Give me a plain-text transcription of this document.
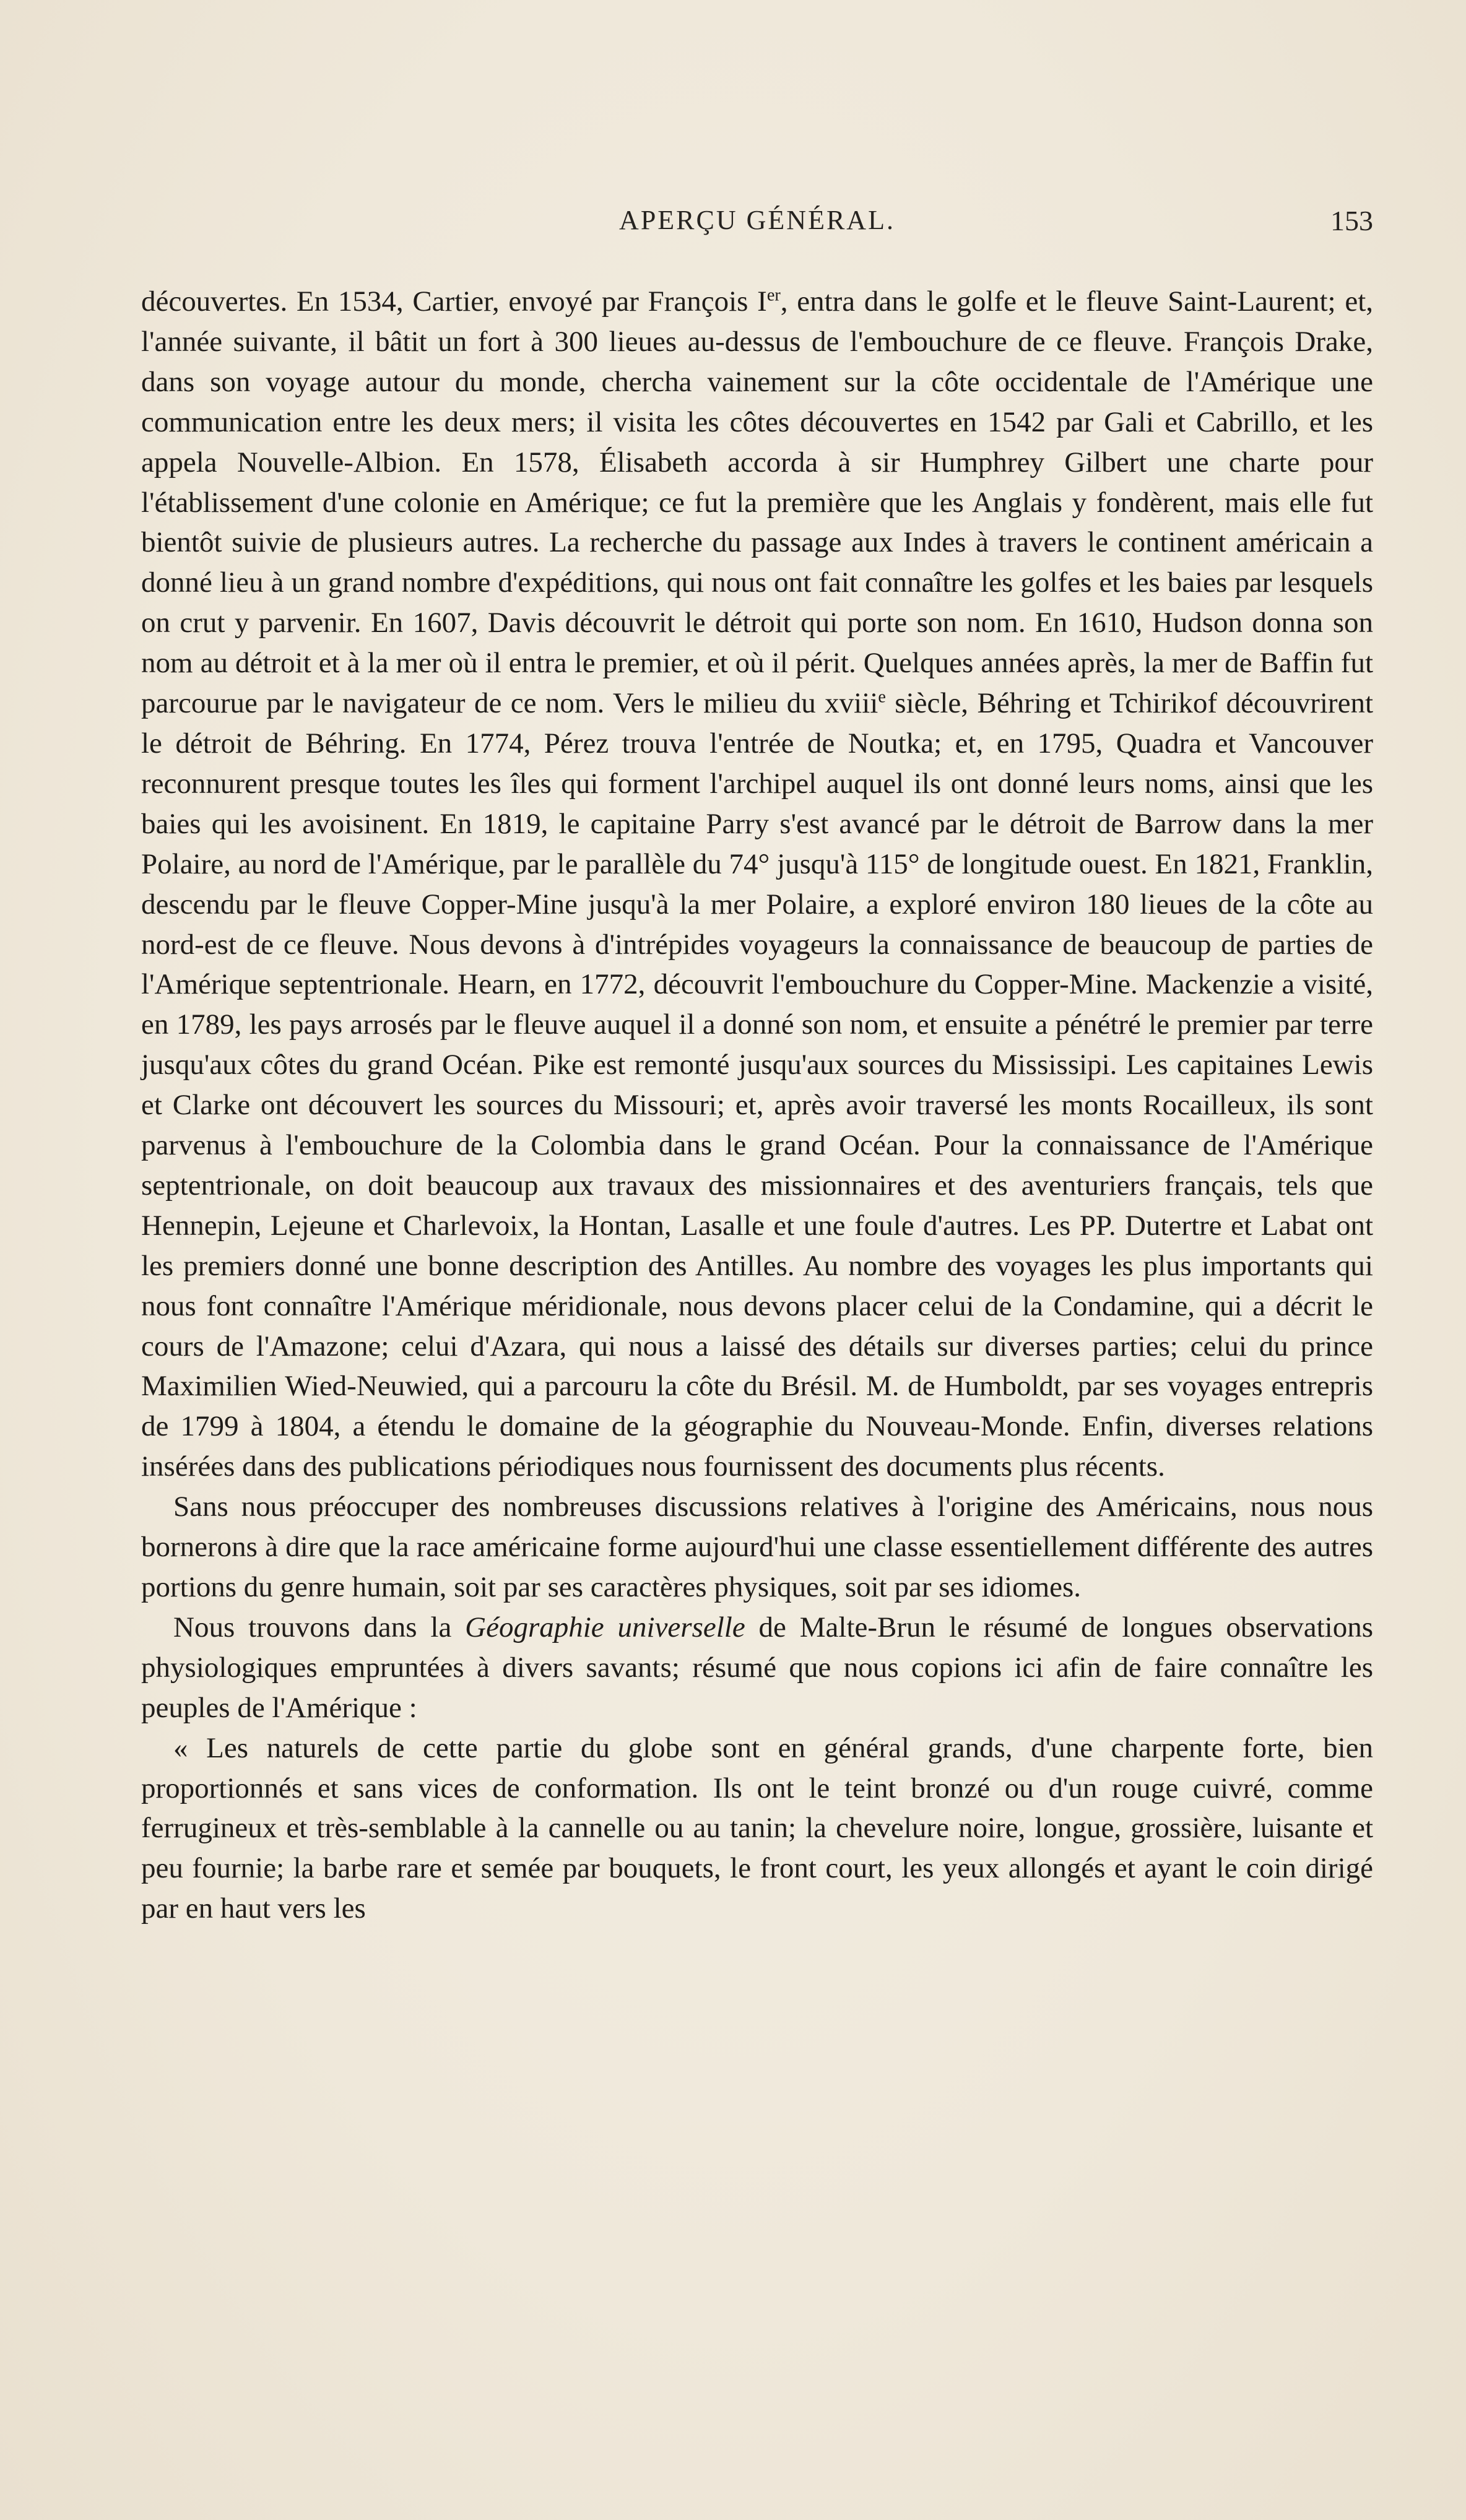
APERÇU GÉNÉRAL.	153

découvertes. En 1534, Cartier, envoyé par François Ier, entra dans le golfe et le fleuve Saint-Laurent; et, l'année suivante, il bâtit un fort à 300 lieues au-dessus de l'embouchure de ce fleuve. François Drake, dans son voyage autour du monde, chercha vainement sur la côte occidentale de l'Amérique une communication entre les deux mers; il visita les côtes découvertes en 1542 par Gali et Cabrillo, et les appela Nouvelle-Albion. En 1578, Élisabeth accorda à sir Humphrey Gilbert une charte pour l'établissement d'une colonie en Amérique; ce fut la première que les Anglais y fondèrent, mais elle fut bientôt suivie de plusieurs autres. La recherche du passage aux Indes à travers le continent américain a donné lieu à un grand nombre d'expéditions, qui nous ont fait connaître les golfes et les baies par lesquels on crut y parvenir. En 1607, Davis découvrit le détroit qui porte son nom. En 1610, Hudson donna son nom au détroit et à la mer où il entra le premier, et où il périt. Quelques années après, la mer de Baffin fut parcourue par le navigateur de ce nom. Vers le milieu du xviii$^e$ siècle, Béhring et Tchirikof découvrirent le détroit de Béhring. En 1774, Pérez trouva l'entrée de Noutka; et, en 1795, Quadra et Vancouver reconnurent presque toutes les îles qui forment l'archipel auquel ils ont donné leurs noms, ainsi que les baies qui les avoisinent. En 1819, le capitaine Parry s'est avancé par le détroit de Barrow dans la mer Polaire, au nord de l'Amérique, par le parallèle du 74° jusqu'à 115° de longitude ouest. En 1821, Franklin, descendu par le fleuve Copper-Mine jusqu'à la mer Polaire, a exploré environ 180 lieues de la côte au nord-est de ce fleuve. Nous devons à d'intrépides voyageurs la connaissance de beaucoup de parties de l'Amérique septentrionale. Hearn, en 1772, découvrit l'embouchure du Copper-Mine. Mackenzie a visité, en 1789, les pays arrosés par le fleuve auquel il a donné son nom, et ensuite a pénétré le premier par terre jusqu'aux côtes du grand Océan. Pike est remonté jusqu'aux sources du Mississipi. Les capitaines Lewis et Clarke ont découvert les sources du Missouri; et, après avoir traversé les monts Rocailleux, ils sont parvenus à l'embouchure de la Colombia dans le grand Océan. Pour la connaissance de l'Amérique septentrionale, on doit beaucoup aux travaux des missionnaires et des aventuriers français, tels que Hennepin, Lejeune et Charlevoix, la Hontan, Lasalle et une foule d'autres. Les PP. Dutertre et Labat ont les premiers donné une bonne description des Antilles. Au nombre des voyages les plus importants qui nous font connaître l'Amérique méridionale, nous devons placer celui de la Condamine, qui a décrit le cours de l'Amazone; celui d'Azara, qui nous a laissé des détails sur diverses parties; celui du prince Maximilien Wied-Neuwied, qui a parcouru la côte du Brésil. M. de Humboldt, par ses voyages entrepris de 1799 à 1804, a étendu le domaine de la géographie du Nouveau-Monde. Enfin, diverses relations insérées dans des publications périodiques nous fournissent des documents plus récents.

Sans nous préoccuper des nombreuses discussions relatives à l'origine des Américains, nous nous bornerons à dire que la race américaine forme aujourd'hui une classe essentiellement différente des autres portions du genre humain, soit par ses caractères physiques, soit par ses idiomes.

Nous trouvons dans la Géographie universelle de Malte-Brun le résumé de longues observations physiologiques empruntées à divers savants; résumé que nous copions ici afin de faire connaître les peuples de l'Amérique :

« Les naturels de cette partie du globe sont en général grands, d'une charpente forte, bien proportionnés et sans vices de conformation. Ils ont le teint bronzé ou d'un rouge cuivré, comme ferrugineux et très-semblable à la cannelle ou au tanin; la chevelure noire, longue, grossière, luisante et peu fournie; la barbe rare et semée par bouquets, le front court, les yeux allongés et ayant le coin dirigé par en haut vers les
